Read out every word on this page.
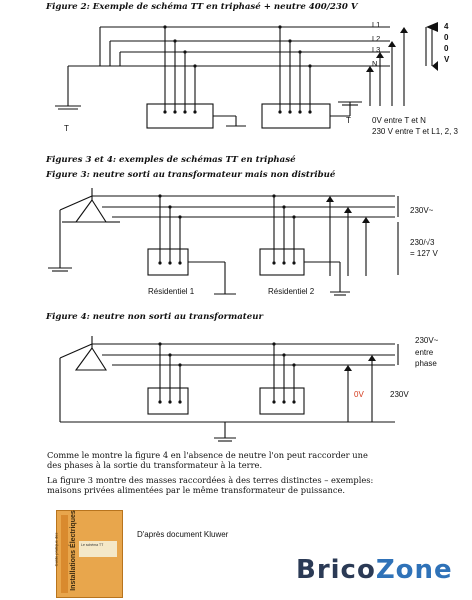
Figure 2: Exemple de schéma TT en triphasé + neutre 400/230 V
L1
L2
L3
N
4
0
0
V
T
T	0V entre T et N
230 V entre T et L1, 2, 3
Figures 3 et 4: exemples de schémas TT en triphasé
Figure 3: neutre sorti au transformateur mais non distribué
230V~
230/√3
= 127 V
Résidentiel 1	Résidentiel 2
Figure 4: neutre non sorti au transformateur
230V~
entre
phase
0V	230V
Comme le montre la figure 4 en l'absence de neutre l'on peut raccorder une des phases à la sortie du transformateur à la terre.
La figure 3 montre des masses raccordées à des terres distinctes – exemples: maisons privées alimentées par le même transformateur de puissance.
Guide pratique des Installations Électriques	Le schéma TT
D'après document Kluwer
BricoZone
